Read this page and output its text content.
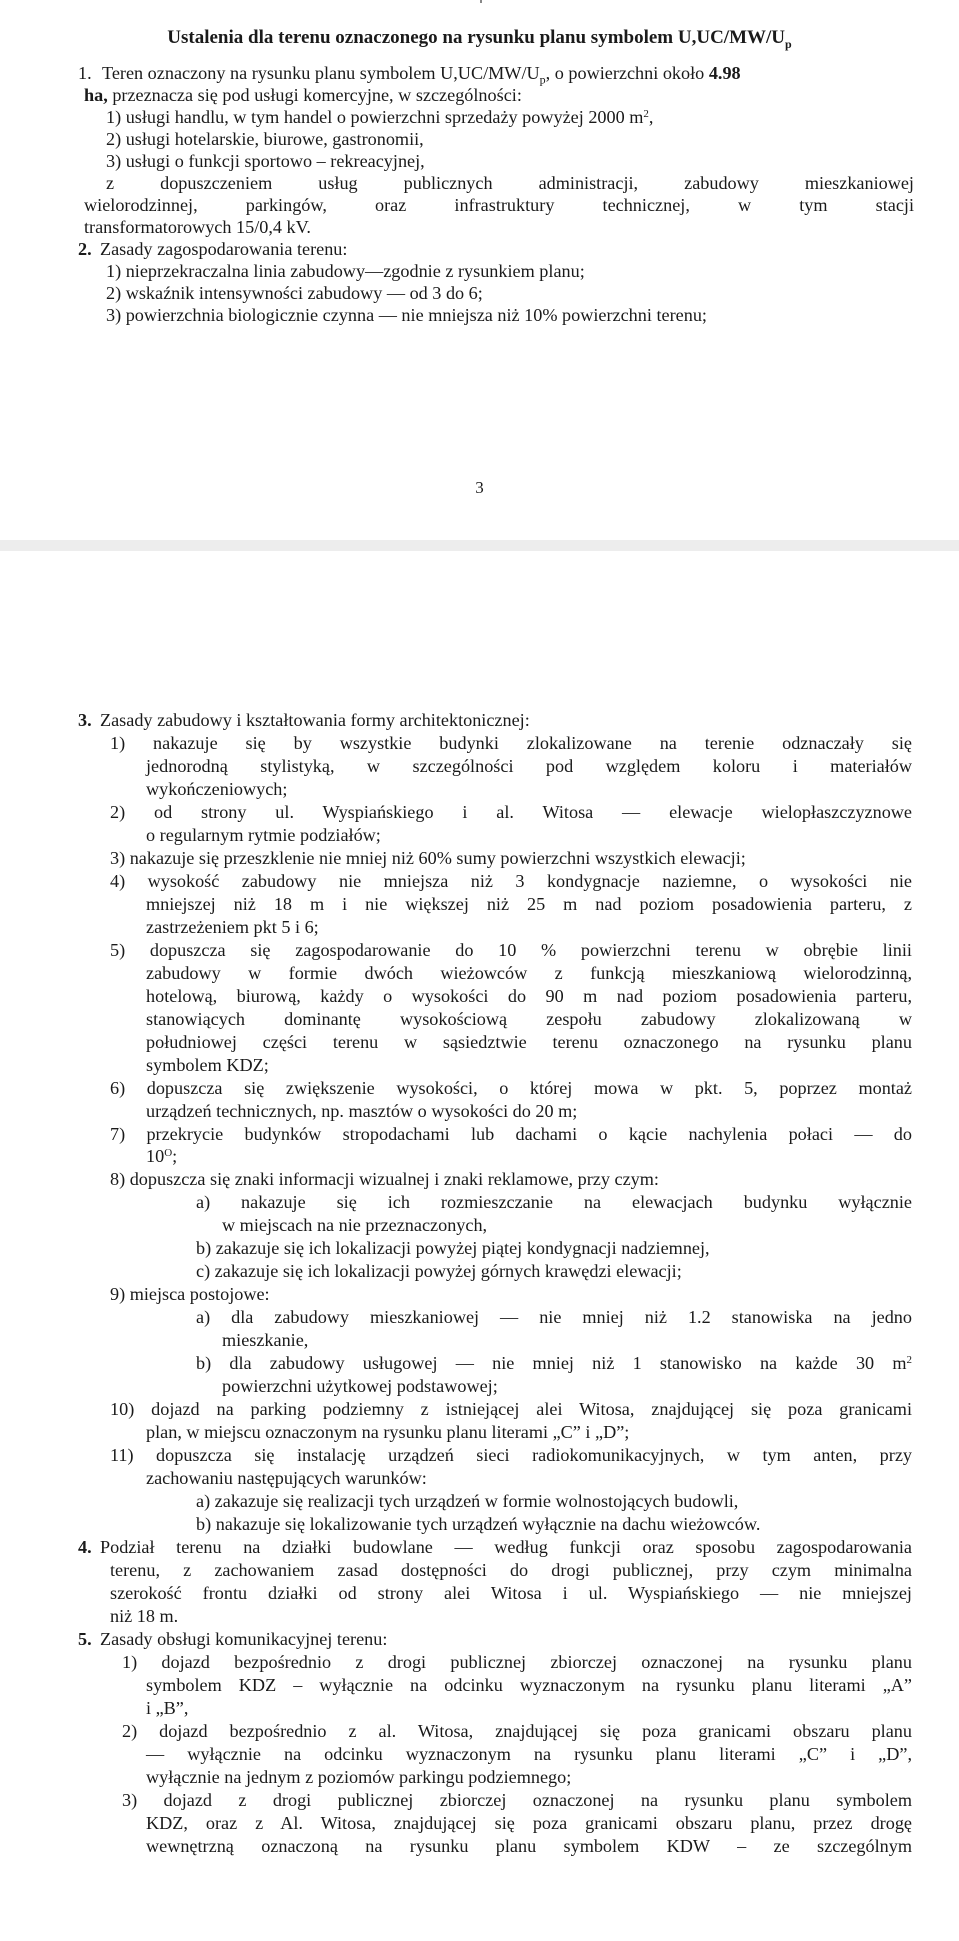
Ustalenia dla terenu oznaczonego na rysunku planu symbolem $U,UC/MW/U_p$
1. Teren oznaczony na rysunku planu symbolem $U,UC/MW/U_p$, o powierzchni około 4.98
ha, przeznacza się pod usługi komercyjne, w szczególności:
1) usługi handlu, w tym handel o powierzchni sprzedaży powyżej 2000 $m^2$,
2) usługi hotelarskie, biurowe, gastronomii,
3) usługi o funkcji sportowo – rekreacyjnej,
z dopuszczeniem usług publicznych administracji, zabudowy mieszkaniowej
wielorodzinnej, parkingów, oraz infrastruktury technicznej, w tym stacji
transformatorowych 15/0,4 kV.
2. Zasady zagospodarowania terenu:
1) nieprzekraczalna linia zabudowy—zgodnie z rysunkiem planu;
2) wskaźnik intensywności zabudowy — od 3 do 6;
3) powierzchnia biologicznie czynna — nie mniejsza niż 10% powierzchni terenu;
3
3. Zasady zabudowy i kształtowania formy architektonicznej:
1) nakazuje się by wszystkie budynki zlokalizowane na terenie odznaczały się
jednorodną stylistyką, w szczególności pod względem koloru i materiałów
wykończeniowych;
2) od strony ul. Wyspiańskiego i al. Witosa — elewacje wielopłaszczyznowe
o regularnym rytmie podziałów;
3) nakazuje się przeszklenie nie mniej niż 60% sumy powierzchni wszystkich elewacji;
4) wysokość zabudowy nie mniejsza niż 3 kondygnacje naziemne, o wysokości nie
mniejszej niż 18 m i nie większej niż 25 m nad poziom posadowienia parteru, z
zastrzeżeniem pkt 5 i 6;
5) dopuszcza się zagospodarowanie do 10 % powierzchni terenu w obrębie linii
zabudowy w formie dwóch wieżowców z funkcją mieszkaniową wielorodzinną,
hotelową, biurową, każdy o wysokości do 90 m nad poziom posadowienia parteru,
stanowiących dominantę wysokościową zespołu zabudowy zlokalizowaną w
południowej części terenu w sąsiedztwie terenu oznaczonego na rysunku planu
symbolem KDZ;
6) dopuszcza się zwiększenie wysokości, o której mowa w pkt. 5, poprzez montaż
urządzeń technicznych, np. masztów o wysokości do 20 m;
7) przekrycie budynków stropodachami lub dachami o kącie nachylenia połaci — do
$10^O$;
8) dopuszcza się znaki informacji wizualnej i znaki reklamowe, przy czym:
a) nakazuje się ich rozmieszczanie na elewacjach budynku wyłącznie
w miejscach na nie przeznaczonych,
b) zakazuje się ich lokalizacji powyżej piątej kondygnacji nadziemnej,
c) zakazuje się ich lokalizacji powyżej górnych krawędzi elewacji;
9) miejsca postojowe:
a) dla zabudowy mieszkaniowej — nie mniej niż 1.2 stanowiska na jedno
mieszkanie,
b) dla zabudowy usługowej — nie mniej niż 1 stanowisko na każde 30 $m^2$
powierzchni użytkowej podstawowej;
10) dojazd na parking podziemny z istniejącej alei Witosa, znajdującej się poza granicami
plan, w miejscu oznaczonym na rysunku planu literami „C” i „D”;
11) dopuszcza się instalację urządzeń sieci radiokomunikacyjnych, w tym anten, przy
zachowaniu następujących warunków:
a) zakazuje się realizacji tych urządzeń w formie wolnostojących budowli,
b) nakazuje się lokalizowanie tych urządzeń wyłącznie na dachu wieżowców.
4. Podział terenu na działki budowlane — według funkcji oraz sposobu zagospodarowania
terenu, z zachowaniem zasad dostępności do drogi publicznej, przy czym minimalna
szerokość frontu działki od strony alei Witosa i ul. Wyspiańskiego — nie mniejszej
niż 18 m.
5. Zasady obsługi komunikacyjnej terenu:
1) dojazd bezpośrednio z drogi publicznej zbiorczej oznaczonej na rysunku planu
symbolem KDZ – wyłącznie na odcinku wyznaczonym na rysunku planu literami „A”
i „B”,
2) dojazd bezpośrednio z al. Witosa, znajdującej się poza granicami obszaru planu
— wyłącznie na odcinku wyznaczonym na rysunku planu literami „C” i „D”,
wyłącznie na jednym z poziomów parkingu podziemnego;
3) dojazd z drogi publicznej zbiorczej oznaczonej na rysunku planu symbolem
KDZ, oraz z Al. Witosa, znajdującej się poza granicami obszaru planu, przez drogę
wewnętrzną oznaczoną na rysunku planu symbolem KDW – ze szczególnym
